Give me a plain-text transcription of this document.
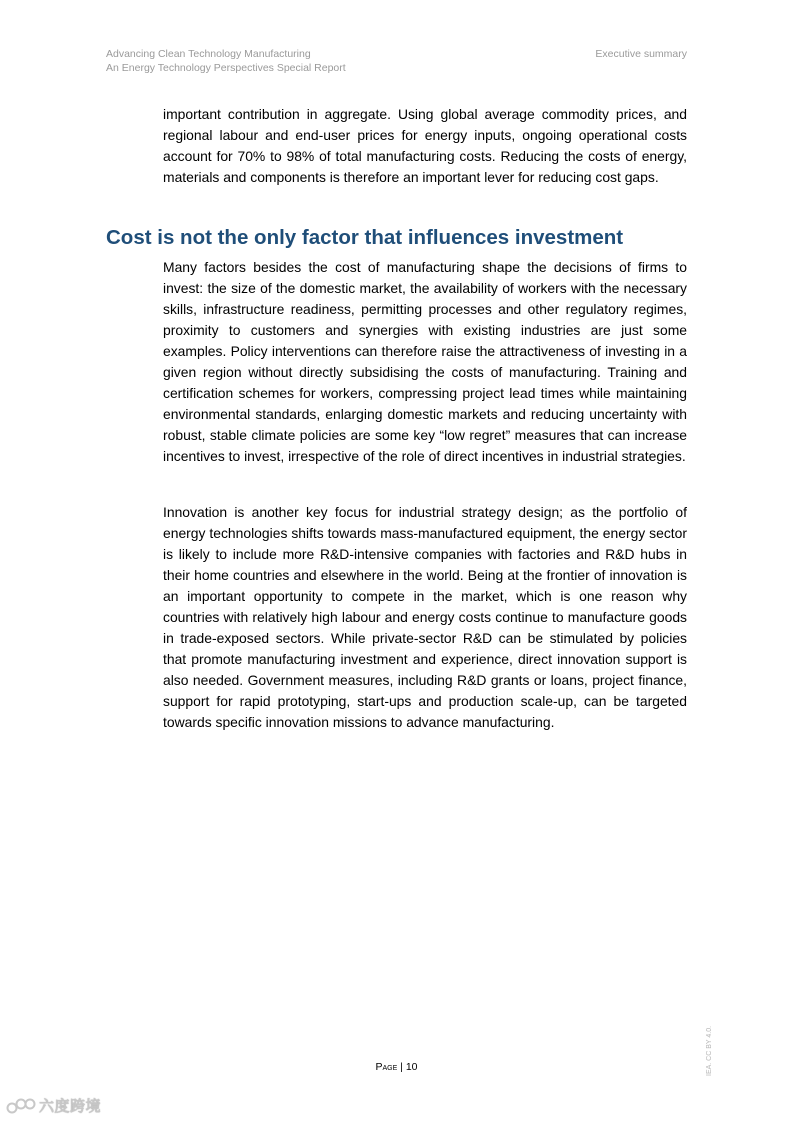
Advancing Clean Technology Manufacturing
An Energy Technology Perspectives Special Report
Executive summary

important contribution in aggregate. Using global average commodity prices, and regional labour and end-user prices for energy inputs, ongoing operational costs account for 70% to 98% of total manufacturing costs. Reducing the costs of energy, materials and components is therefore an important lever for reducing cost gaps.

Cost is not the only factor that influences investment

Many factors besides the cost of manufacturing shape the decisions of firms to invest: the size of the domestic market, the availability of workers with the necessary skills, infrastructure readiness, permitting processes and other regulatory regimes, proximity to customers and synergies with existing industries are just some examples. Policy interventions can therefore raise the attractiveness of investing in a given region without directly subsidising the costs of manufacturing. Training and certification schemes for workers, compressing project lead times while maintaining environmental standards, enlarging domestic markets and reducing uncertainty with robust, stable climate policies are some key “low regret” measures that can increase incentives to invest, irrespective of the role of direct incentives in industrial strategies.

Innovation is another key focus for industrial strategy design; as the portfolio of energy technologies shifts towards mass-manufactured equipment, the energy sector is likely to include more R&D-intensive companies with factories and R&D hubs in their home countries and elsewhere in the world. Being at the frontier of innovation is an important opportunity to compete in the market, which is one reason why countries with relatively high labour and energy costs continue to manufacture goods in trade-exposed sectors. While private-sector R&D can be stimulated by policies that promote manufacturing investment and experience, direct innovation support is also needed. Government measures, including R&D grants or loans, project finance, support for rapid prototyping, start-ups and production scale-up, can be targeted towards specific innovation missions to advance manufacturing.

IEA. CC BY 4.0.
Page | 10
六度跨境
